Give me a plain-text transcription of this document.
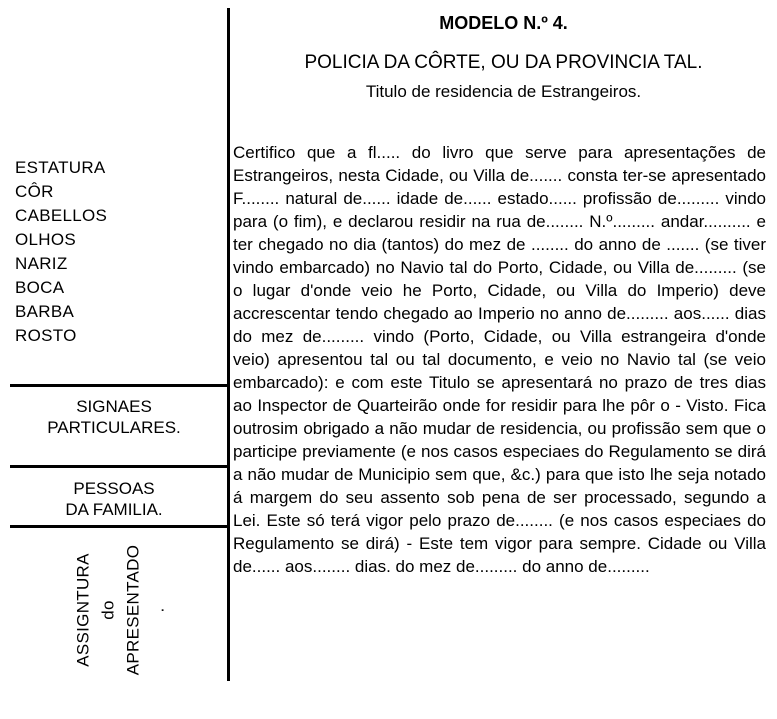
MODELO N.º 4.
POLICIA DA CÔRTE, OU DA PROVINCIA TAL.
Titulo de residencia de Estrangeiros.
ESTATURA
CÔR
CABELLOS
OLHOS
NARIZ
BOCA
BARBA
ROSTO
SIGNAES
PARTICULARES.
PESSOAS
DA FAMILIA.
ASSIGNTURA do APRESENTADO .
Certifico que a fl..... do livro que serve para apresentações de Estrangeiros, nesta Cidade, ou Villa de....... consta ter-se apresentado F........ natural de...... idade de...... estado...... profissão de......... vindo para (o fim), e declarou residir na rua de........ N.º......... andar.......... e ter chegado no dia (tantos) do mez de ........ do anno de ....... (se tiver vindo embarcado) no Navio tal do Porto, Cidade, ou Villa de......... (se o lugar d'onde veio he Porto, Cidade, ou Villa do Imperio) deve accrescentar tendo chegado ao Imperio no anno de......... aos...... dias do mez de......... vindo (Porto, Cidade, ou Villa estrangeira d'onde veio) apresentou tal ou tal documento, e veio no Navio tal (se veio embarcado): e com este Titulo se apresentará no prazo de tres dias ao Inspector de Quarteirão onde for residir para lhe pôr o - Visto. Fica outrosim obrigado a não mudar de residencia, ou profissão sem que o participe previamente (e nos casos especiaes do Regulamento se dirá a não mudar de Municipio sem que, &c.) para que isto lhe seja notado á margem do seu assento sob pena de ser processado, segundo a Lei. Este só terá vigor pelo prazo de........ (e nos casos especiaes do Regulamento se dirá) - Este tem vigor para sempre. Cidade ou Villa de...... aos........ dias. do mez de......... do anno de.........
